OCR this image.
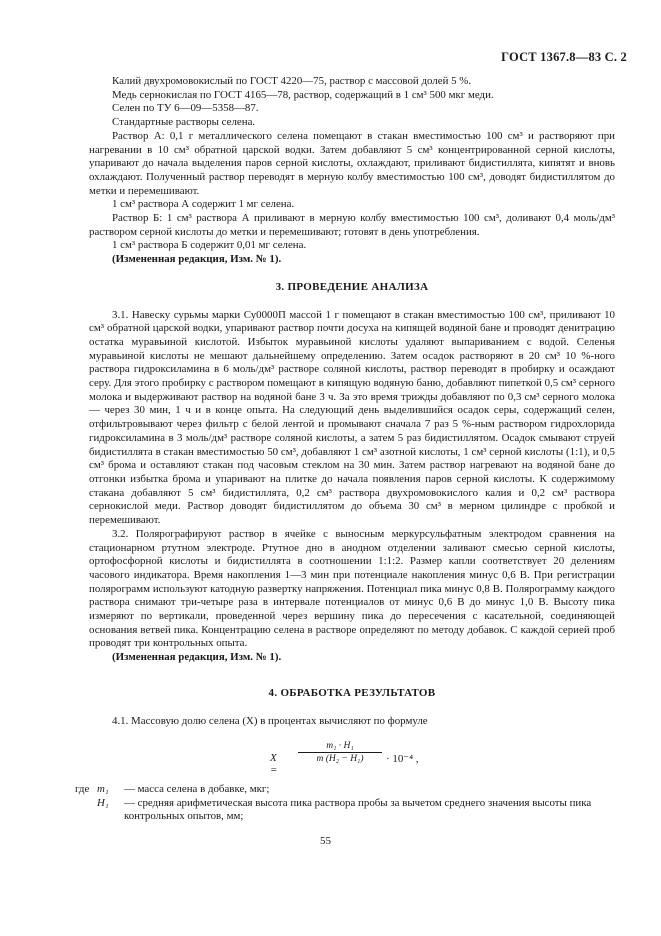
ГОСТ 1367.8—83 С. 2

Калий двухромовокислый по ГОСТ 4220—75, раствор с массовой долей 5 %.

Медь сернокислая по ГОСТ 4165—78, раствор, содержащий в 1 см³ 500 мкг меди.

Селен по ТУ 6—09—5358—87.

Стандартные растворы селена.

Раствор А: 0,1 г металлического селена помещают в стакан вместимостью 100 см³ и растворяют при нагревании в 10 см³ обратной царской водки. Затем добавляют 5 см³ концентрированной серной кислоты, упаривают до начала выделения паров серной кислоты, охлаждают, приливают бидистиллята, кипятят и вновь охлаждают. Полученный раствор переводят в мерную колбу вместимостью 100 см³, доводят бидистиллятом до метки и перемешивают.

1 см³ раствора А содержит 1 мг селена.

Раствор Б: 1 см³ раствора А приливают в мерную колбу вместимостью 100 см³, доливают 0,4 моль/дм³ раствором серной кислоты до метки и перемешивают; готовят в день употребления.

1 см³ раствора Б содержит 0,01 мг селена.

(Измененная редакция, Изм. № 1).

3. ПРОВЕДЕНИЕ АНАЛИЗА

3.1. Навеску сурьмы марки Су0000П массой 1 г помещают в стакан вместимостью 100 см³, приливают 10 см³ обратной царской водки, упаривают раствор почти досуха на кипящей водяной бане и проводят денитрацию остатка муравьиной кислотой. Избыток муравьиной кислоты удаляют выпариванием с водой. Селенья муравьиной кислоты не мешают дальнейшему определению. Затем осадок растворяют в 20 см³ 10 %-ного раствора гидроксиламина в 6 моль/дм³ растворе соляной кислоты, раствор переводят в пробирку и осаждают серу. Для этого пробирку с раствором помещают в кипящую водяную баню, добавляют пипеткой 0,5 см³ серного молока и выдерживают раствор на водяной бане 3 ч. За это время трижды добавляют по 0,3 см³ серного молока — через 30 мин, 1 ч и в конце опыта. На следующий день выделившийся осадок серы, содержащий селен, отфильтровывают через фильтр с белой лентой и промывают сначала 7 раз 5 %-ным раствором гидрохлорида гидроксиламина в 3 моль/дм³ растворе соляной кислоты, а затем 5 раз бидистиллятом. Осадок смывают струей бидистиллята в стакан вместимостью 50 см³, добавляют 1 см³ азотной кислоты, 1 см³ серной кислоты (1:1), и 0,5 см³ брома и оставляют стакан под часовым стеклом на 30 мин. Затем раствор нагревают на водяной бане до отгонки избытка брома и упаривают на плитке до начала появления паров серной кислоты. К содержимому стакана добавляют 5 см³ бидистиллята, 0,2 см³ раствора двухромовокислого калия и 0,2 см³ раствора сернокислой меди. Раствор доводят бидистиллятом до объема 30 см³ в мерном цилиндре с пробкой и перемешивают.

3.2. Полярографируют раствор в ячейке с выносным меркурсульфатным электродом сравнения на стационарном ртутном электроде. Ртутное дно в анодном отделении заливают смесью серной кислоты, ортофосфорной кислоты и бидистиллята в соотношении 1:1:2. Размер капли соответствует 20 делениям часового индикатора. Время накопления 1—3 мин при потенциале накопления минус 0,6 В. При регистрации полярограмм используют катодную развертку напряжения. Потенциал пика минус 0,8 В. Полярограмму каждого раствора снимают три-четыре раза в интервале потенциалов от минус 0,6 В до минус 1,0 В. Высоту пика измеряют по вертикали, проведенной через вершину пика до пересечения с касательной, соединяющей основания ветвей пика. Концентрацию селена в растворе определяют по методу добавок. С каждой серией проб проводят три контрольных опыта.

(Измененная редакция, Изм. № 1).

4. ОБРАБОТКА РЕЗУЛЬТАТОВ

4.1. Массовую долю селена (X) в процентах вычисляют по формуле

X =
$\frac{\text{m₁ · H₁}}{\text{m (H₂ − H₁)}} \cdot 10^{-4}$ ,
где m₁ — масса селена в добавке, мкг;
H₁ — средняя арифметическая высота пика раствора пробы за вычетом среднего значения высоты пика контрольных опытов, мм;
55
